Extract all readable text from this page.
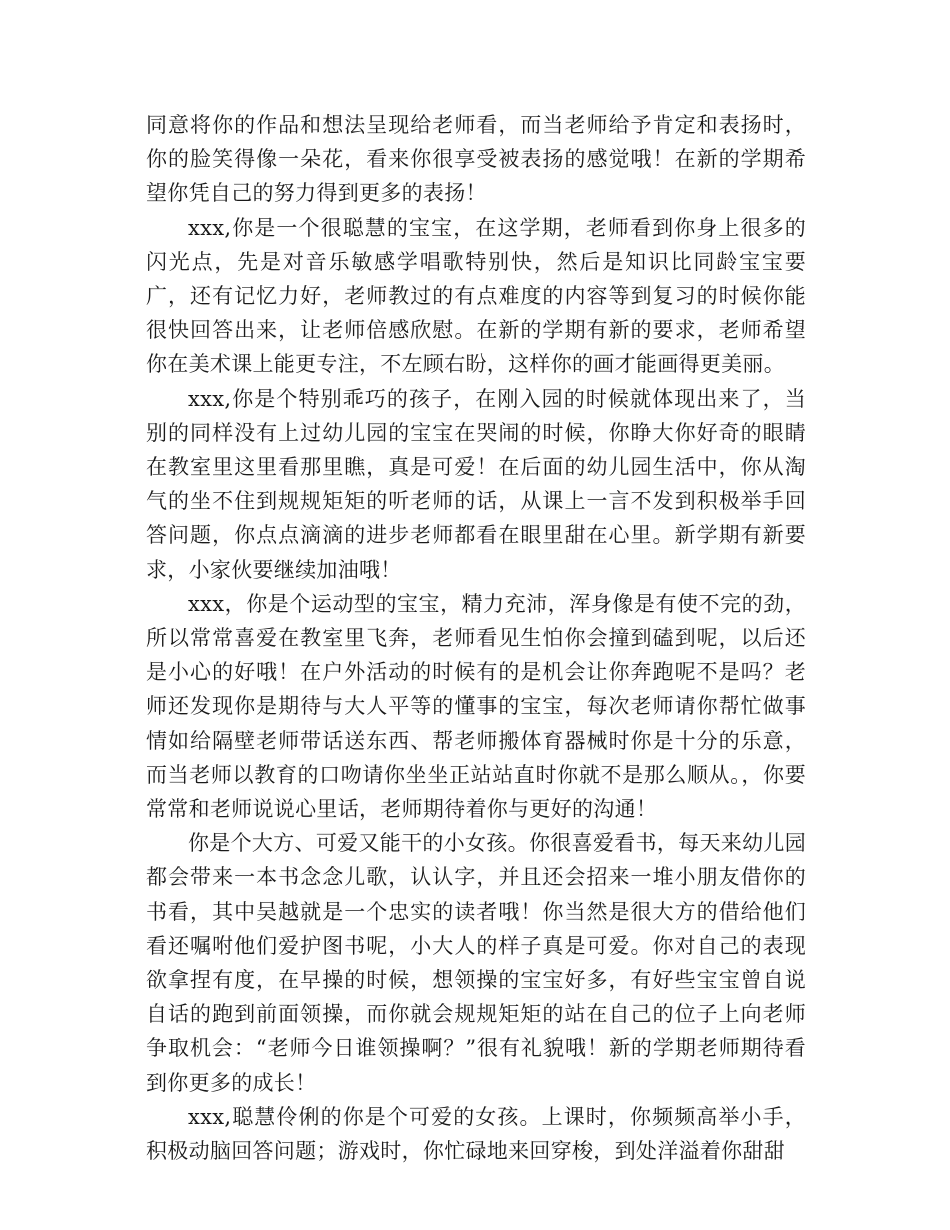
同意将你的作品和想法呈现给老师看，而当老师给予肯定和表扬时，你的脸笑得像一朵花，看来你很享受被表扬的感觉哦！在新的学期希望你凭自己的努力得到更多的表扬！

xxx,你是一个很聪慧的宝宝，在这学期，老师看到你身上很多的闪光点，先是对音乐敏感学唱歌特别快，然后是知识比同龄宝宝要广，还有记忆力好，老师教过的有点难度的内容等到复习的时候你能很快回答出来，让老师倍感欣慰。在新的学期有新的要求，老师希望你在美术课上能更专注，不左顾右盼，这样你的画才能画得更美丽。

xxx,你是个特别乖巧的孩子，在刚入园的时候就体现出来了，当别的同样没有上过幼儿园的宝宝在哭闹的时候，你睁大你好奇的眼睛在教室里这里看那里瞧，真是可爱！在后面的幼儿园生活中，你从淘气的坐不住到规规矩矩的听老师的话，从课上一言不发到积极举手回答问题，你点点滴滴的进步老师都看在眼里甜在心里。新学期有新要求，小家伙要继续加油哦！

xxx，你是个运动型的宝宝，精力充沛，浑身像是有使不完的劲，所以常常喜爱在教室里飞奔，老师看见生怕你会撞到磕到呢，以后还是小心的好哦！在户外活动的时候有的是机会让你奔跑呢不是吗？老师还发现你是期待与大人平等的懂事的宝宝，每次老师请你帮忙做事情如给隔壁老师带话送东西、帮老师搬体育器械时你是十分的乐意，而当老师以教育的口吻请你坐坐正站站直时你就不是那么顺从。，你要常常和老师说说心里话，老师期待着你与更好的沟通！

你是个大方、可爱又能干的小女孩。你很喜爱看书，每天来幼儿园都会带来一本书念念儿歌，认认字，并且还会招来一堆小朋友借你的书看，其中吴越就是一个忠实的读者哦！你当然是很大方的借给他们看还嘱咐他们爱护图书呢，小大人的样子真是可爱。你对自己的表现欲拿捏有度，在早操的时候，想领操的宝宝好多，有好些宝宝曾自说自话的跑到前面领操，而你就会规规矩矩的站在自己的位子上向老师争取机会：“老师今日谁领操啊？”很有礼貌哦！新的学期老师期待看到你更多的成长！

xxx,聪慧伶俐的你是个可爱的女孩。上课时，你频频高举小手，积极动脑回答问题；游戏时，你忙碌地来回穿梭，到处洋溢着你甜甜
